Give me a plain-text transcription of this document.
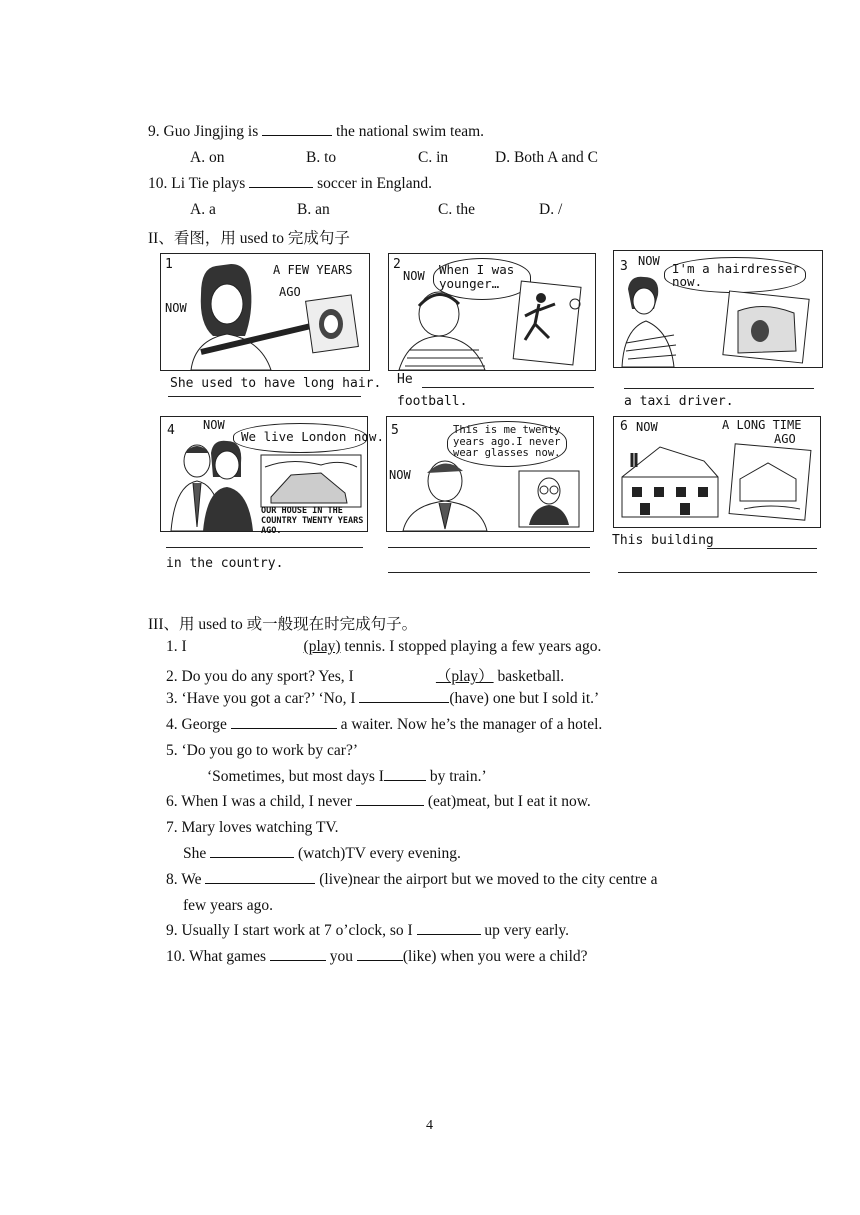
9. Guo Jingjing is	the national swim team.
A. on	B. to	C. in	D. Both A and C
10. Li Tie plays	soccer in England.
A. a	B. an	C. the	D. /
II、看图，用 used to 完成句子
1	A FEW YEARS
AGO
NOW
She used to have long hair.
2
NOW When I was younger…
He
football.
3 NOW I'm a hairdresser now.
a taxi driver.
4 NOW
We live London now.
OUR HOUSE IN THE COUNTRY TWENTY YEARS AGO.
in the country.
5
NOW
This is me twenty years ago.I never wear glasses now.
6 NOW	A LONG TIME
AGO
This building
III、用 used to 或一般现在时完成句子。
1. I	(play) tennis. I stopped playing a few years ago.
2. Do you do any sport? Yes, I	（play） basketball.
3. ‘Have you got a car?’ ‘No, I	(have) one but I sold it.’
4. George	a waiter. Now he’s the manager of a hotel.
5. ‘Do you go to work by car?’
‘Sometimes, but most days I	by train.’
6. When I was a child, I never	(eat)meat, but I eat it now.
7. Mary loves watching TV.
She	(watch)TV every evening.
8. We	(live)near the airport but we moved to the city centre a
few years ago.
9. Usually I start work at 7 o’clock, so I	up very early.
10. What games	you	(like) when you were a child?
4
